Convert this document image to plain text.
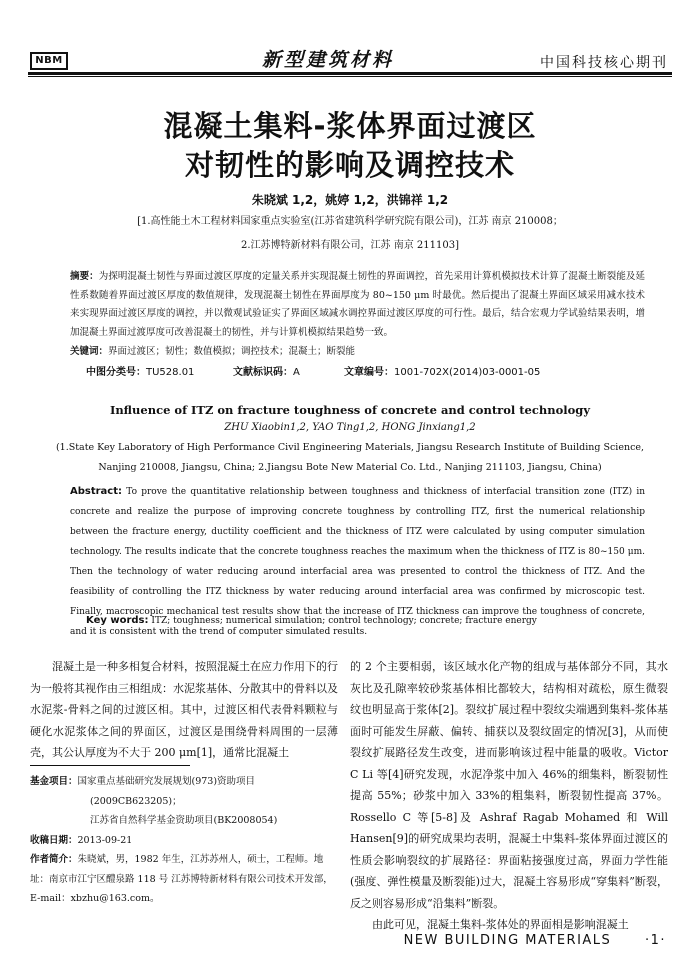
NBM	新型建筑材料	中国科技核心期刊
混凝土集料-浆体界面过渡区
对韧性的影响及调控技术
朱晓斌 1,2，姚婷 1,2，洪锦祥 1,2
[1.高性能土木工程材料国家重点实验室(江苏省建筑科学研究院有限公司)，江苏 南京 210008；
2.江苏博特新材料有限公司，江苏 南京 211103]
摘要：为探明混凝土韧性与界面过渡区厚度的定量关系并实现混凝土韧性的界面调控，首先采用计算机模拟技术计算了混凝土断裂能及延性系数随着界面过渡区厚度的数值规律，发现混凝土韧性在界面厚度为 80~150 μm 时最优。然后提出了混凝土界面区域采用减水技术来实现界面过渡区厚度的调控，并以微观试验证实了界面区域减水调控界面过渡区厚度的可行性。最后，结合宏观力学试验结果表明，增加混凝土界面过渡厚度可改善混凝土的韧性，并与计算机模拟结果趋势一致。
关键词：界面过渡区；韧性；数值模拟；调控技术；混凝土；断裂能
中图分类号：TU528.01	文献标识码：A	文章编号：1001-702X(2014)03-0001-05
Influence of ITZ on fracture toughness of concrete and control technology
ZHU Xiaobin1,2, YAO Ting1,2, HONG Jinxiang1,2
(1.State Key Laboratory of High Performance Civil Engineering Materials, Jiangsu Research Institute of Building Science,
Nanjing 210008, Jiangsu, China; 2.Jiangsu Bote New Material Co. Ltd., Nanjing 211103, Jiangsu, China)
Abstract: To prove the quantitative relationship between toughness and thickness of interfacial transition zone (ITZ) in concrete and realize the purpose of improving concrete toughness by controlling ITZ, first the numerical relationship between the fracture energy, ductility coefficient and the thickness of ITZ were calculated by using computer simulation technology. The results indicate that the concrete toughness reaches the maximum when the thickness of ITZ is 80~150 μm. Then the technology of water reducing around interfacial area was presented to control the thickness of ITZ. And the feasibility of controlling the ITZ thickness by water reducing around interfacial area was confirmed by microscopic test. Finally, macroscopic mechanical test results show that the increase of ITZ thickness can improve the toughness of concrete, and it is consistent with the trend of computer simulated results.
Key words: ITZ; toughness; numerical simulation; control technology; concrete; fracture energy
混凝土是一种多相复合材料，按照混凝土在应力作用下的行为一般将其视作由三相组成：水泥浆基体、分散其中的骨料以及水泥浆-骨料之间的过渡区相。其中，过渡区相代表骨料颗粒与硬化水泥浆体之间的界面区，过渡区是围绕骨料周围的一层薄壳，其公认厚度为不大于 200 μm[1]，通常比混凝土
的 2 个主要相弱，该区域水化产物的组成与基体部分不同，其水灰比及孔隙率较砂浆基体相比都较大，结构相对疏松，原生微裂纹也明显高于浆体[2]。裂纹扩展过程中裂纹尖端遇到集料-浆体基面时可能发生屏蔽、偏转、捕获以及裂纹固定的情况[3]，从而使裂纹扩展路径发生改变，进而影响该过程中能量的吸收。Victor C Li 等[4]研究发现，水泥净浆中加入 46%的细集料，断裂韧性提高 55%；砂浆中加入 33%的粗集料，断裂韧性提高 37%。Rossello C 等[5-8]及 Ashraf Ragab Mohamed 和 Will Hansen[9]的研究成果均表明，混凝土中集料-浆体界面过渡区的性质会影响裂纹的扩展路径：界面粘接强度过高，界面力学性能(强度、弹性模量及断裂能)过大，混凝土容易形成“穿集料”断裂，反之则容易形成“沿集料”断裂。
由此可见，混凝土集料-浆体处的界面相是影响混凝土
基金项目：国家重点基础研究发展规划(973)资助项目
(2009CB623205)；
江苏省自然科学基金资助项目(BK2008054)
收稿日期：2013-09-21
作者简介：朱晓斌，男，1982 年生，江苏苏州人，硕士，工程师。地址：南京市江宁区醴泉路 118 号 江苏博特新材料有限公司技术开发部，E-mail：xbzhu@163.com。
NEW BUILDING MATERIALS	·1·
